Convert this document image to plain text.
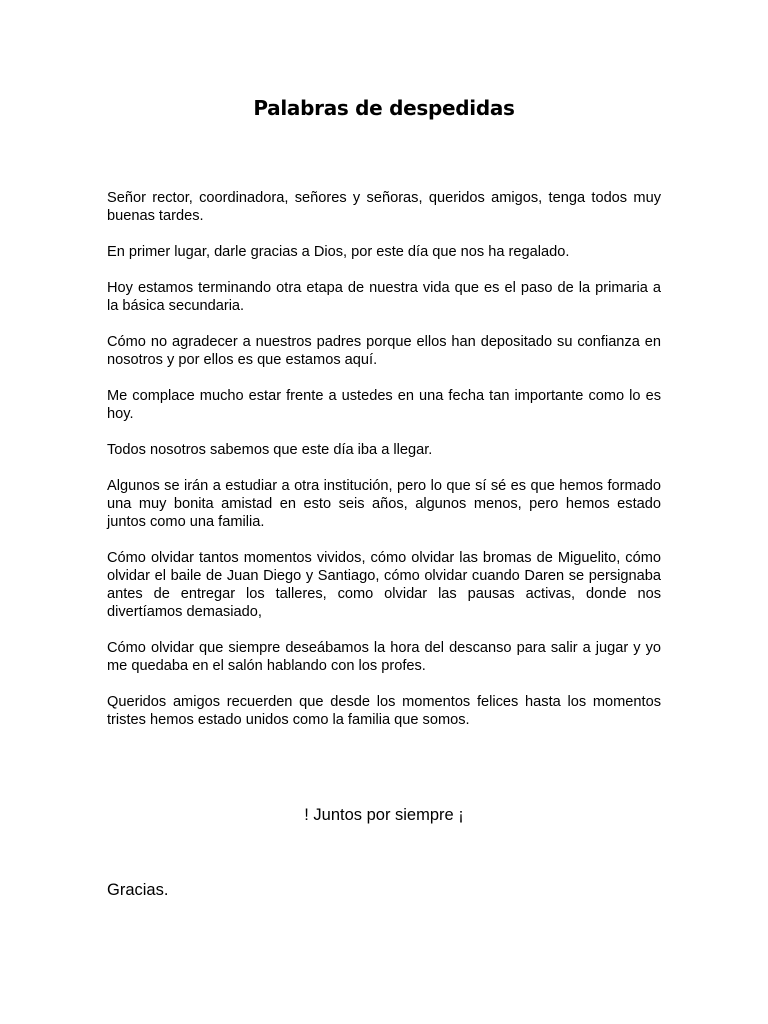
Palabras de despedidas

Señor rector, coordinadora, señores y señoras, queridos amigos, tenga todos muy buenas tardes.

En primer lugar, darle gracias a Dios, por este día que nos ha regalado.

Hoy estamos terminando otra etapa de nuestra vida que es el paso de la primaria a la básica secundaria.

Cómo no agradecer a nuestros padres porque ellos han depositado su confianza en nosotros y por ellos es que estamos aquí.

Me complace mucho estar frente a ustedes en una fecha tan importante como lo es hoy.

Todos nosotros sabemos que este día iba a llegar.

Algunos se irán a estudiar a otra institución, pero lo que sí sé es que hemos formado una muy bonita amistad en esto seis años, algunos menos, pero hemos estado juntos como una familia.

Cómo olvidar tantos momentos vividos, cómo olvidar las bromas de Miguelito, cómo olvidar el baile de Juan Diego y Santiago, cómo olvidar cuando Daren se persignaba antes de entregar los talleres, como olvidar las pausas activas, donde nos divertíamos demasiado,

Cómo olvidar que siempre deseábamos la hora del descanso para salir a jugar y yo me quedaba en el salón hablando con los profes.

Queridos amigos recuerden que desde los momentos felices hasta los momentos tristes hemos estado unidos como la familia que somos.

! Juntos por siempre ¡

Gracias.
